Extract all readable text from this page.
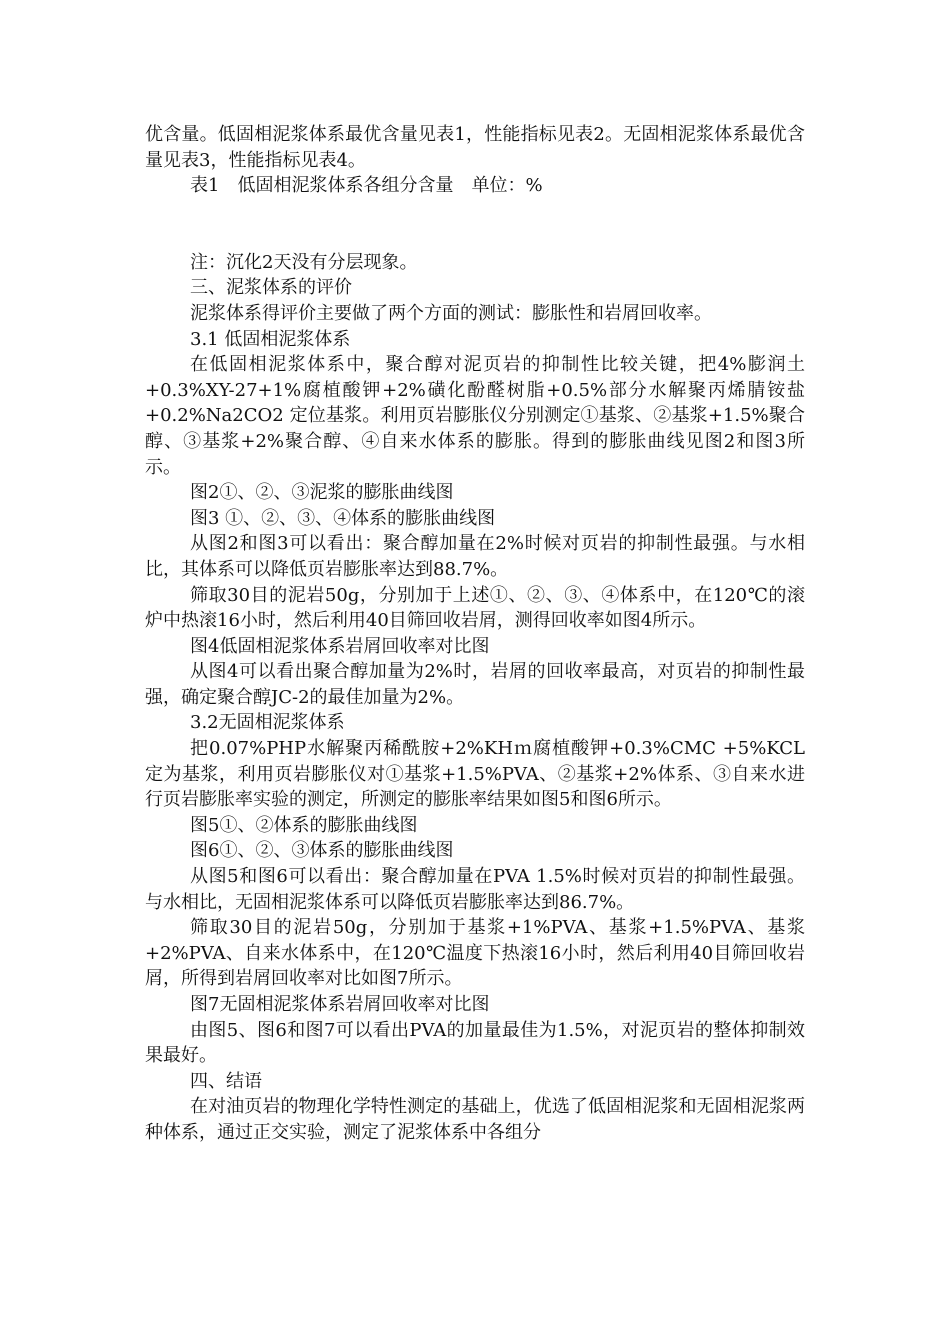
优含量。低固相泥浆体系最优含量见表1，性能指标见表2。无固相泥浆体系最优含量见表3，性能指标见表4。

表1　低固相泥浆体系各组分含量　单位：%

注：沉化2天没有分层现象。

三、泥浆体系的评价

泥浆体系得评价主要做了两个方面的测试：膨胀性和岩屑回收率。

3.1 低固相泥浆体系

在低固相泥浆体系中，聚合醇对泥页岩的抑制性比较关键，把4%膨润土+0.3%XY-27+1%腐植酸钾+2%磺化酚醛树脂+0.5%部分水解聚丙烯腈铵盐+0.2%Na2CO2 定位基浆。利用页岩膨胀仪分别测定①基浆、②基浆+1.5%聚合醇、③基浆+2%聚合醇、④自来水体系的膨胀。得到的膨胀曲线见图2和图3所示。

图2①、②、③泥浆的膨胀曲线图

图3 ①、②、③、④体系的膨胀曲线图

从图2和图3可以看出：聚合醇加量在2%时候对页岩的抑制性最强。与水相比，其体系可以降低页岩膨胀率达到88.7%。

筛取30目的泥岩50g，分别加于上述①、②、③、④体系中，在120℃的滚炉中热滚16小时，然后利用40目筛回收岩屑，测得回收率如图4所示。

图4低固相泥浆体系岩屑回收率对比图

从图4可以看出聚合醇加量为2%时，岩屑的回收率最高，对页岩的抑制性最强，确定聚合醇JC-2的最佳加量为2%。

3.2无固相泥浆体系

把0.07%PHP水解聚丙稀酰胺+2%KHｍ腐植酸钾+0.3%CMC +5%KCL定为基浆，利用页岩膨胀仪对①基浆+1.5%PVA、②基浆+2%体系、③自来水进行页岩膨胀率实验的测定，所测定的膨胀率结果如图5和图6所示。

图5①、②体系的膨胀曲线图

图6①、②、③体系的膨胀曲线图

从图5和图6可以看出：聚合醇加量在PVA 1.5%时候对页岩的抑制性最强。与水相比，无固相泥浆体系可以降低页岩膨胀率达到86.7%。

筛取30目的泥岩50g，分别加于基浆+1%PVA、基浆+1.5%PVA、基浆+2%PVA、自来水体系中，在120℃温度下热滚16小时，然后利用40目筛回收岩屑，所得到岩屑回收率对比如图7所示。

图7无固相泥浆体系岩屑回收率对比图

由图5、图6和图7可以看出PVA的加量最佳为1.5%，对泥页岩的整体抑制效果最好。

四、结语

在对油页岩的物理化学特性测定的基础上，优选了低固相泥浆和无固相泥浆两种体系，通过正交实验，测定了泥浆体系中各组分
